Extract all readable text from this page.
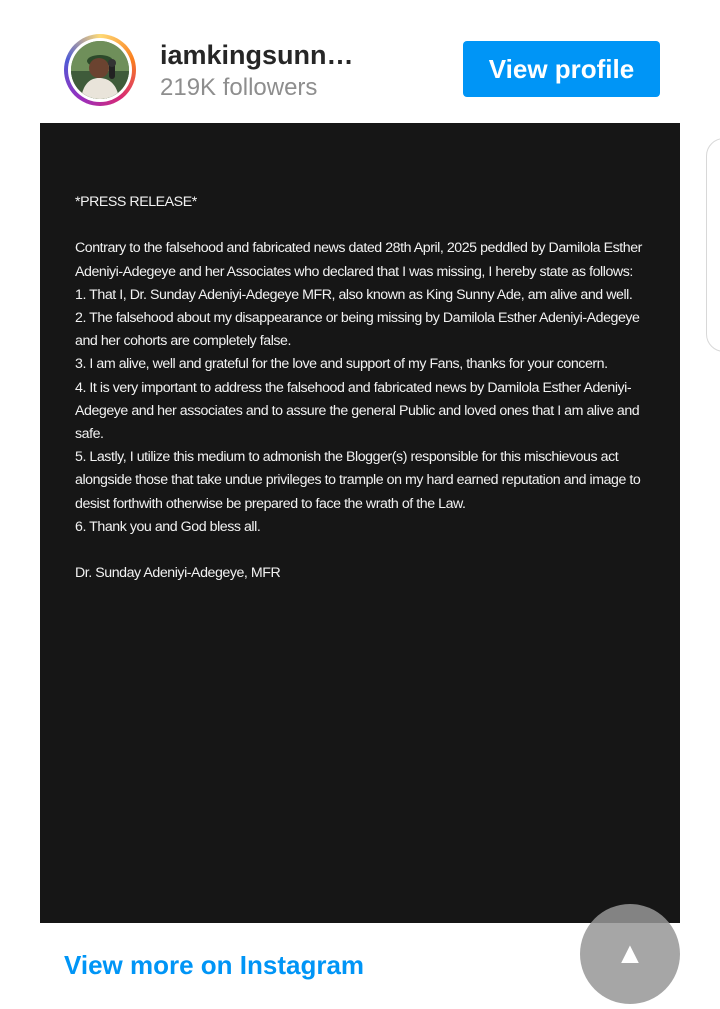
iamkingsunn…
219K followers
View profile

*PRESS RELEASE*

Contrary to the falsehood and fabricated news dated 28th April, 2025 peddled by Damilola Esther Adeniyi-Adegeye and her Associates who declared that I was missing, I hereby state as follows:

1. That I, Dr. Sunday Adeniyi-Adegeye MFR, also known as King Sunny Ade, am alive and well.

2. The falsehood about my disappearance or being missing by Damilola Esther Adeniyi-Adegeye and her cohorts are completely false.

3. I am alive, well and grateful for the love and support of my Fans, thanks for your concern.

4. It is very important to address the falsehood and fabricated news by Damilola Esther Adeniyi-Adegeye and her associates and to assure the general Public and loved ones that I am alive and safe.

5. Lastly, I utilize this medium to admonish the Blogger(s) responsible for this mischievous act alongside those that take undue privileges to trample on my hard earned reputation and image to desist forthwith otherwise be prepared to face the wrath of the Law.

6. Thank you and God bless all.

Dr. Sunday Adeniyi-Adegeye, MFR

View more on Instagram	▲
